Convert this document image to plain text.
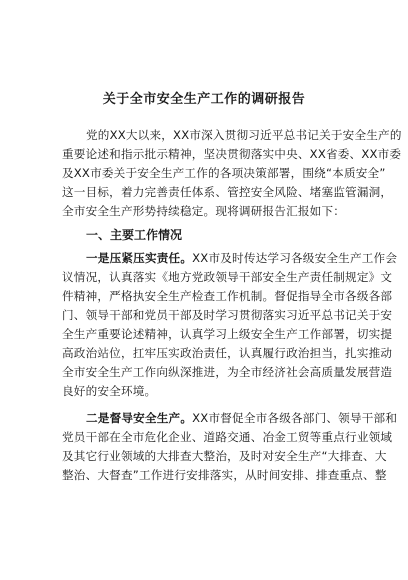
关于全市安全生产工作的调研报告
党的XX大以来，XX市深入贯彻习近平总书记关于安全生产的
重要论述和指示批示精神，坚决贯彻落实中央、XX省委、XX市委
及XX市委关于安全生产工作的各项决策部署，围绕“本质安全”
这一目标，着力完善责任体系、管控安全风险、堵塞监管漏洞，
全市安全生产形势持续稳定。现将调研报告汇报如下：
一、主要工作情况
一是压紧压实责任。XX市及时传达学习各级安全生产工作会
议情况，认真落实《地方党政领导干部安全生产责任制规定》文
件精神，严格执安全生产检查工作机制。督促指导全市各级各部
门、领导干部和党员干部及时学习贯彻落实习近平总书记关于安
全生产重要论述精神，认真学习上级安全生产工作部署，切实提
高政治站位，扛牢压实政治责任，认真履行政治担当，扎实推动
全市安全生产工作向纵深推进，为全市经济社会高质量发展营造
良好的安全环境。
二是督导安全生产。XX市督促全市各级各部门、领导干部和
党员干部在全市危化企业、道路交通、冶金工贸等重点行业领域
及其它行业领域的大排查大整治，及时对安全生产“大排查、大
整治、大督查”工作进行安排落实，从时间安排、排查重点、整
